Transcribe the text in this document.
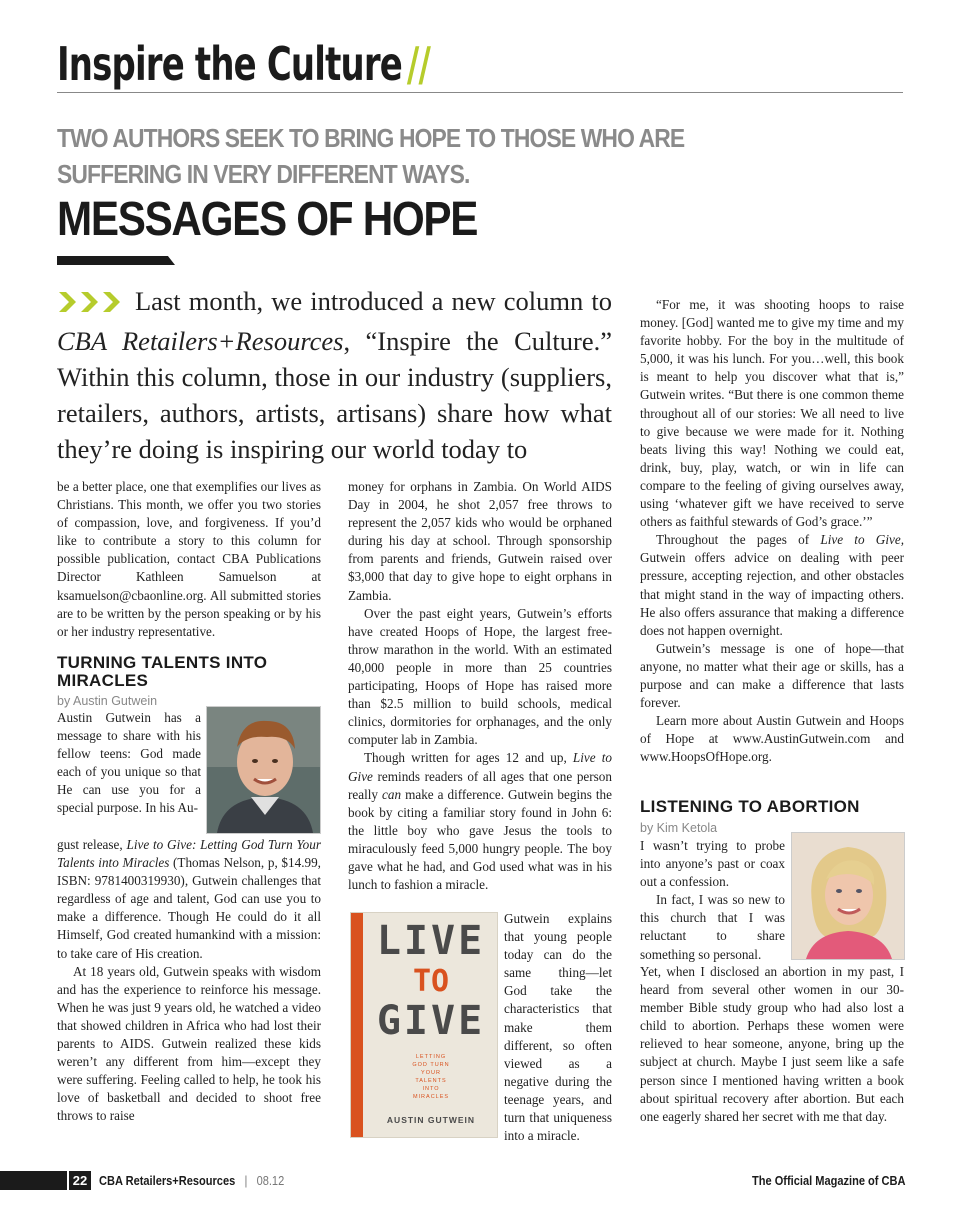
Inspire the Culture //
TWO AUTHORS SEEK TO BRING HOPE TO THOSE WHO ARE SUFFERING IN VERY DIFFERENT WAYS.
MESSAGES OF HOPE
Last month, we introduced a new column to CBA Retailers+Resources, “Inspire the Culture.” Within this column, those in our industry (suppliers, retailers, authors, artists, artisans) share how what they’re doing is inspiring our world today to

be a better place, one that exemplifies our lives as Christians. This month, we offer you two stories of compassion, love, and forgiveness. If you’d like to contribute a story to this column for possible publication, contact CBA Publications Director Kathleen Samuelson at ksamuelson@cbaonline.org. All submitted stories are to be written by the person speaking or by his or her industry representative.

TURNING TALENTS INTO MIRACLES
by Austin Gutwein

Austin Gutwein has a message to share with his fellow teens: God made each of you unique so that He can use you for a special purpose. In his Au-

gust release, Live to Give: Letting God Turn Your Talents into Miracles (Thomas Nelson, p, $14.99, ISBN: 9781400319930), Gutwein challenges that regardless of age and talent, God can use you to make a difference. Though He could do it all Himself, God created humankind with a mission: to take care of His creation.

At 18 years old, Gutwein speaks with wisdom and has the experience to reinforce his message. When he was just 9 years old, he watched a video that showed children in Africa who had lost their parents to AIDS. Gutwein realized these kids weren’t any different from him—except they were suffering. Feeling called to help, he took his love of basketball and decided to shoot free throws to raise

money for orphans in Zambia. On World AIDS Day in 2004, he shot 2,057 free throws to represent the 2,057 kids who would be orphaned during his day at school. Through sponsorship from parents and friends, Gutwein raised over $3,000 that day to give hope to eight orphans in Zambia.

Over the past eight years, Gutwein’s efforts have created Hoops of Hope, the largest free-throw marathon in the world. With an estimated 40,000 people in more than 25 countries participating, Hoops of Hope has raised more than $2.5 million to build schools, medical clinics, dormitories for orphanages, and the only computer lab in Zambia.

Though written for ages 12 and up, Live to Give reminds readers of all ages that one person really can make a difference. Gutwein begins the book by citing a familiar story found in John 6: the little boy who gave Jesus the tools to miraculously feed 5,000 hungry people. The boy gave what he had, and God used what was in his lunch to fashion a miracle.

LIVE
TO
GIVE
LETTING
GOD TURN
YOUR
TALENTS
INTO
MIRACLES
AUSTIN GUTWEIN

Gutwein explains that young people today can do the same thing—let God take the characteristics that make them different, so often viewed as a negative during the teenage years, and turn that uniqueness into a miracle.

“For me, it was shooting hoops to raise money. [God] wanted me to give my time and my favorite hobby. For the boy in the multitude of 5,000, it was his lunch. For you…well, this book is meant to help you discover what that is,” Gutwein writes. “But there is one common theme throughout all of our stories: We all need to live to give because we were made for it. Nothing beats living this way! Nothing we could eat, drink, buy, play, watch, or win in life can compare to the feeling of giving ourselves away, using ‘whatever gift we have received to serve others as faithful stewards of God’s grace.’”

Throughout the pages of Live to Give, Gutwein offers advice on dealing with peer pressure, accepting rejection, and other obstacles that might stand in the way of impacting others. He also offers assurance that making a difference does not happen overnight.

Gutwein’s message is one of hope—that anyone, no matter what their age or skills, has a purpose and can make a difference that lasts forever.

Learn more about Austin Gutwein and Hoops of Hope at www.AustinGutwein.com and www.HoopsOfHope.org.

LISTENING TO ABORTION
by Kim Ketola

I wasn’t trying to probe into anyone’s past or coax out a confession.

In fact, I was so new to this church that I was reluctant to share something so personal.

Yet, when I disclosed an abortion in my past, I heard from several other women in our 30-member Bible study group who had also lost a child to abortion. Perhaps these women were relieved to hear someone, anyone, bring up the subject at church. Maybe I just seem like a safe person since I mentioned having written a book about spiritual recovery after abortion. But each one eagerly shared her secret with me that day.

22 CBA Retailers+Resources | 08.12	The Official Magazine of CBA
